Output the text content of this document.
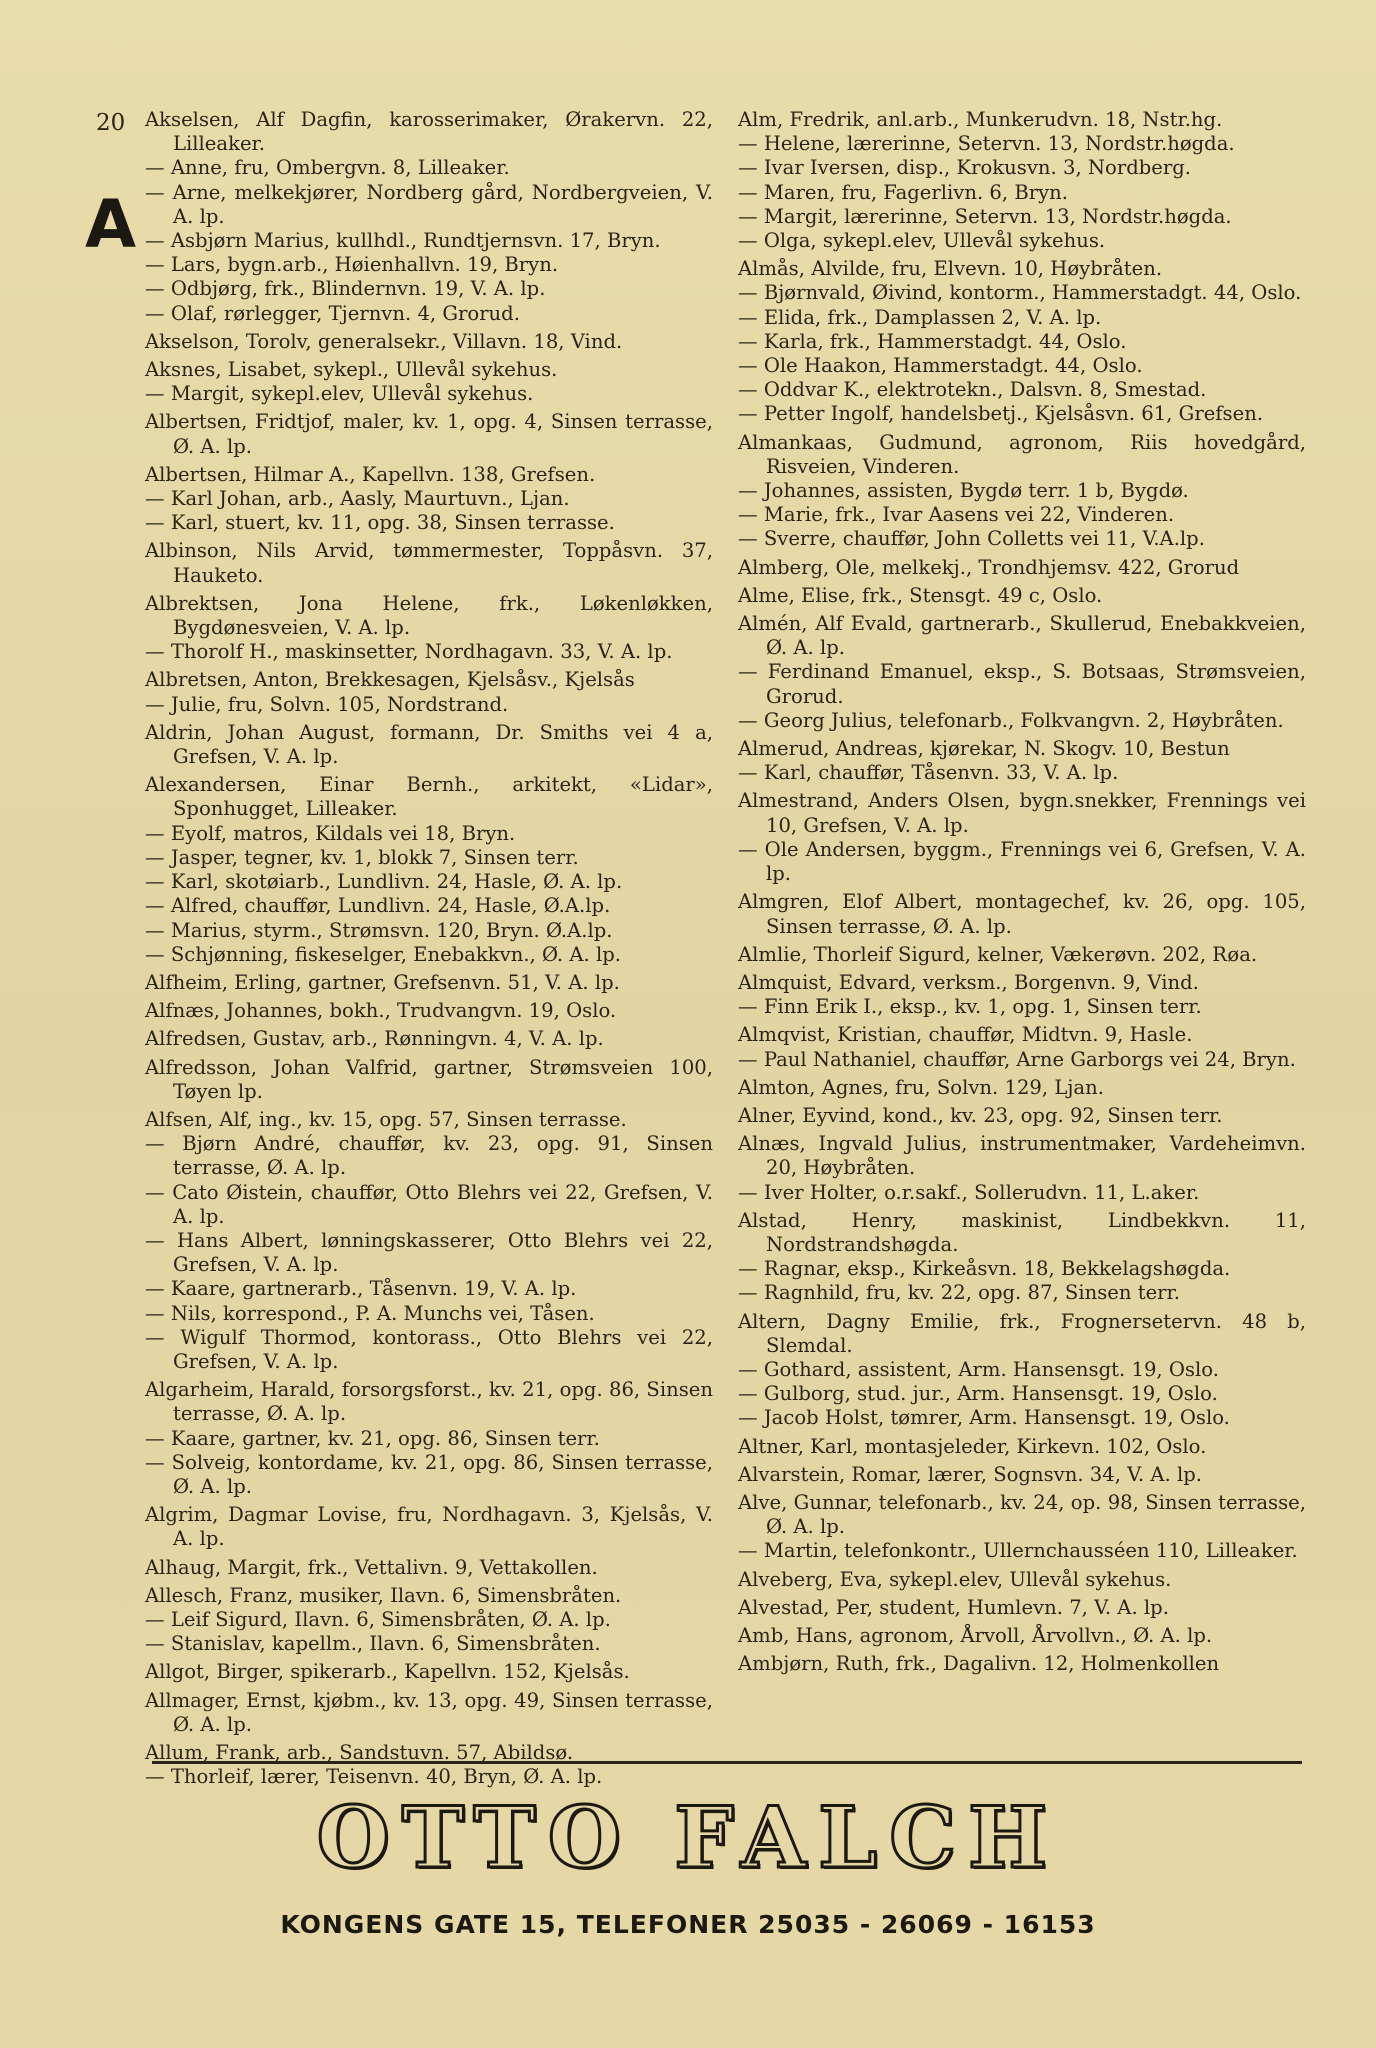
20
A
Akselsen, Alf Dagfin, karosserimaker, Ørakervn. 22, Lilleaker.
— Anne, fru, Ombergvn. 8, Lilleaker.
— Arne, melkekjører, Nordberg gård, Nordbergveien, V. A. lp.
— Asbjørn Marius, kullhdl., Rundtjernsvn. 17, Bryn.
— Lars, bygn.arb., Høienhallvn. 19, Bryn.
— Odbjørg, frk., Blindernvn. 19, V. A. lp.
— Olaf, rørlegger, Tjernvn. 4, Grorud.
Akselson, Torolv, generalsekr., Villavn. 18, Vind.
Aksnes, Lisabet, sykepl., Ullevål sykehus.
— Margit, sykepl.elev, Ullevål sykehus.
Albertsen, Fridtjof, maler, kv. 1, opg. 4, Sinsen terrasse, Ø. A. lp.
Albertsen, Hilmar A., Kapellvn. 138, Grefsen.
— Karl Johan, arb., Aasly, Maurtuvn., Ljan.
— Karl, stuert, kv. 11, opg. 38, Sinsen terrasse.
Albinson, Nils Arvid, tømmermester, Toppåsvn. 37, Hauketo.
Albrektsen, Jona Helene, frk., Løkenløkken, Bygdønesveien, V. A. lp.
— Thorolf H., maskinsetter, Nordhagavn. 33, V. A. lp.
Albretsen, Anton, Brekkesagen, Kjelsåsv., Kjelsås
— Julie, fru, Solvn. 105, Nordstrand.
Aldrin, Johan August, formann, Dr. Smiths vei 4 a, Grefsen, V. A. lp.
Alexandersen, Einar Bernh., arkitekt, «Lidar», Sponhugget, Lilleaker.
— Eyolf, matros, Kildals vei 18, Bryn.
— Jasper, tegner, kv. 1, blokk 7, Sinsen terr.
— Karl, skotøiarb., Lundlivn. 24, Hasle, Ø. A. lp.
— Alfred, chauffør, Lundlivn. 24, Hasle, Ø.A.lp.
— Marius, styrm., Strømsvn. 120, Bryn. Ø.A.lp.
— Schjønning, fiskeselger, Enebakkvn., Ø. A. lp.
Alfheim, Erling, gartner, Grefsenvn. 51, V. A. lp.
Alfnæs, Johannes, bokh., Trudvangvn. 19, Oslo.
Alfredsen, Gustav, arb., Rønningvn. 4, V. A. lp.
Alfredsson, Johan Valfrid, gartner, Strømsveien 100, Tøyen lp.
Alfsen, Alf, ing., kv. 15, opg. 57, Sinsen terrasse.
— Bjørn André, chauffør, kv. 23, opg. 91, Sinsen terrasse, Ø. A. lp.
— Cato Øistein, chauffør, Otto Blehrs vei 22, Grefsen, V. A. lp.
— Hans Albert, lønningskasserer, Otto Blehrs vei 22, Grefsen, V. A. lp.
— Kaare, gartnerarb., Tåsenvn. 19, V. A. lp.
— Nils, korrespond., P. A. Munchs vei, Tåsen.
— Wigulf Thormod, kontorass., Otto Blehrs vei 22, Grefsen, V. A. lp.
Algarheim, Harald, forsorgsforst., kv. 21, opg. 86, Sinsen terrasse, Ø. A. lp.
— Kaare, gartner, kv. 21, opg. 86, Sinsen terr.
— Solveig, kontordame, kv. 21, opg. 86, Sinsen terrasse, Ø. A. lp.
Algrim, Dagmar Lovise, fru, Nordhagavn. 3, Kjelsås, V. A. lp.
Alhaug, Margit, frk., Vettalivn. 9, Vettakollen.
Allesch, Franz, musiker, Ilavn. 6, Simensbråten.
— Leif Sigurd, Ilavn. 6, Simensbråten, Ø. A. lp.
— Stanislav, kapellm., Ilavn. 6, Simensbråten.
Allgot, Birger, spikerarb., Kapellvn. 152, Kjelsås.
Allmager, Ernst, kjøbm., kv. 13, opg. 49, Sinsen terrasse, Ø. A. lp.
Allum, Frank, arb., Sandstuvn. 57, Abildsø.
— Thorleif, lærer, Teisenvn. 40, Bryn, Ø. A. lp.
Alm, Fredrik, anl.arb., Munkerudvn. 18, Nstr.hg.
— Helene, lærerinne, Setervn. 13, Nordstr.høgda.
— Ivar Iversen, disp., Krokusvn. 3, Nordberg.
— Maren, fru, Fagerlivn. 6, Bryn.
— Margit, lærerinne, Setervn. 13, Nordstr.høgda.
— Olga, sykepl.elev, Ullevål sykehus.
Almås, Alvilde, fru, Elvevn. 10, Høybråten.
— Bjørnvald, Øivind, kontorm., Hammerstadgt. 44, Oslo.
— Elida, frk., Damplassen 2, V. A. lp.
— Karla, frk., Hammerstadgt. 44, Oslo.
— Ole Haakon, Hammerstadgt. 44, Oslo.
— Oddvar K., elektrotekn., Dalsvn. 8, Smestad.
— Petter Ingolf, handelsbetj., Kjelsåsvn. 61, Grefsen.
Almankaas, Gudmund, agronom, Riis hovedgård, Risveien, Vinderen.
— Johannes, assisten, Bygdø terr. 1 b, Bygdø.
— Marie, frk., Ivar Aasens vei 22, Vinderen.
— Sverre, chauffør, John Colletts vei 11, V.A.lp.
Almberg, Ole, melkekj., Trondhjemsv. 422, Grorud
Alme, Elise, frk., Stensgt. 49 c, Oslo.
Almén, Alf Evald, gartnerarb., Skullerud, Enebakkveien, Ø. A. lp.
— Ferdinand Emanuel, eksp., S. Botsaas, Strømsveien, Grorud.
— Georg Julius, telefonarb., Folkvangvn. 2, Høybråten.
Almerud, Andreas, kjørekar, N. Skogv. 10, Bestun
— Karl, chauffør, Tåsenvn. 33, V. A. lp.
Almestrand, Anders Olsen, bygn.snekker, Frennings vei 10, Grefsen, V. A. lp.
— Ole Andersen, byggm., Frennings vei 6, Grefsen, V. A. lp.
Almgren, Elof Albert, montagechef, kv. 26, opg. 105, Sinsen terrasse, Ø. A. lp.
Almlie, Thorleif Sigurd, kelner, Vækerøvn. 202, Røa.
Almquist, Edvard, verksm., Borgenvn. 9, Vind.
— Finn Erik I., eksp., kv. 1, opg. 1, Sinsen terr.
Almqvist, Kristian, chauffør, Midtvn. 9, Hasle.
— Paul Nathaniel, chauffør, Arne Garborgs vei 24, Bryn.
Almton, Agnes, fru, Solvn. 129, Ljan.
Alner, Eyvind, kond., kv. 23, opg. 92, Sinsen terr.
Alnæs, Ingvald Julius, instrumentmaker, Vardeheimvn. 20, Høybråten.
— Iver Holter, o.r.sakf., Sollerudvn. 11, L.aker.
Alstad, Henry, maskinist, Lindbekkvn. 11, Nordstrandshøgda.
— Ragnar, eksp., Kirkeåsvn. 18, Bekkelagshøgda.
— Ragnhild, fru, kv. 22, opg. 87, Sinsen terr.
Altern, Dagny Emilie, frk., Frognersetervn. 48 b, Slemdal.
— Gothard, assistent, Arm. Hansensgt. 19, Oslo.
— Gulborg, stud. jur., Arm. Hansensgt. 19, Oslo.
— Jacob Holst, tømrer, Arm. Hansensgt. 19, Oslo.
Altner, Karl, montasjeleder, Kirkevn. 102, Oslo.
Alvarstein, Romar, lærer, Sognsvn. 34, V. A. lp.
Alve, Gunnar, telefonarb., kv. 24, op. 98, Sinsen terrasse, Ø. A. lp.
— Martin, telefonkontr., Ullernchausséen 110, Lilleaker.
Alveberg, Eva, sykepl.elev, Ullevål sykehus.
Alvestad, Per, student, Humlevn. 7, V. A. lp.
Amb, Hans, agronom, Årvoll, Årvollvn., Ø. A. lp.
Ambjørn, Ruth, frk., Dagalivn. 12, Holmenkollen
OTTO FALCH
KONGENS GATE 15, TELEFONER 25035 - 26069 - 16153
